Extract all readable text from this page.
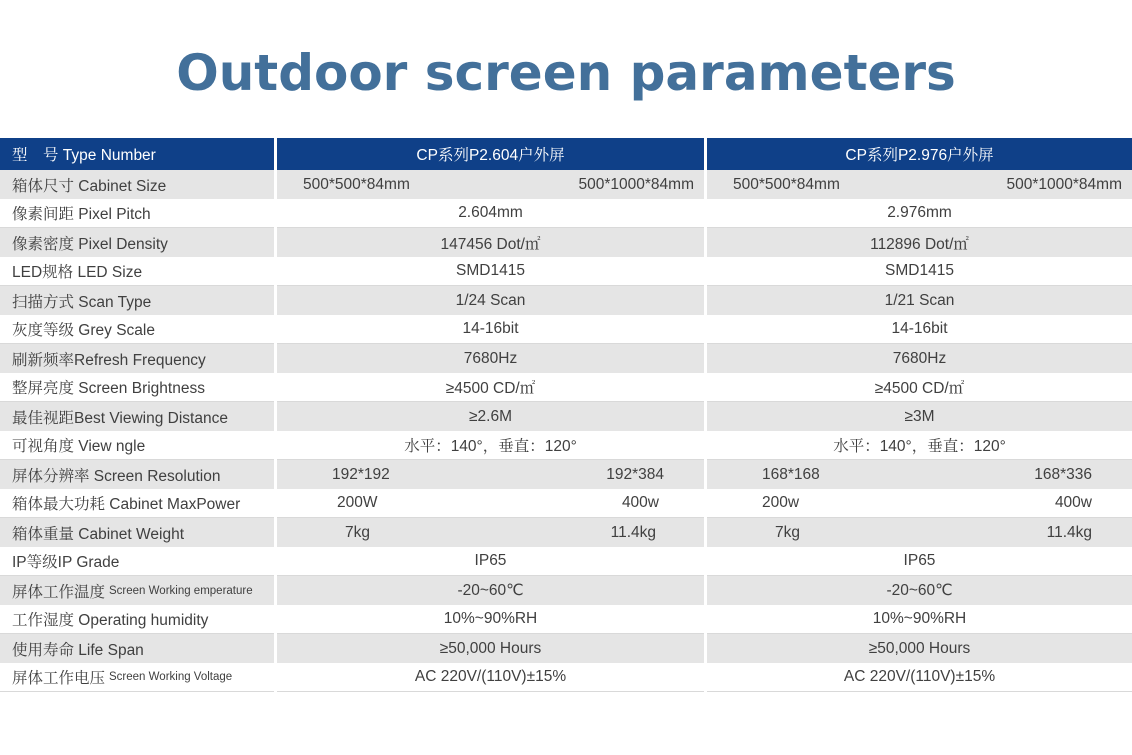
Outdoor screen parameters
型　号 Type Number	CP系列P2.604户外屏	CP系列P2.976户外屏
箱体尺寸 Cabinet Size	500*500*84mm	500*1000*84mm	500*500*84mm	500*1000*84mm
像素间距 Pixel Pitch	2.604mm	2.976mm
像素密度 Pixel Density	147456 Dot/㎡	112896 Dot/㎡
LED规格 LED Size	SMD1415	SMD1415
扫描方式 Scan Type	1/24 Scan	1/21 Scan
灰度等级 Grey Scale	14-16bit	14-16bit
刷新频率Refresh Frequency	7680Hz	7680Hz
整屏亮度 Screen Brightness	≥4500 CD/㎡	≥4500 CD/㎡
最佳视距Best Viewing Distance	≥2.6M	≥3M
可视角度 View ngle	水平：140°，垂直：120°	水平：140°，垂直：120°
屏体分辨率 Screen Resolution	192*192	192*384	168*168	168*336
箱体最大功耗 Cabinet MaxPower	200W	400w	200w	400w
箱体重量 Cabinet Weight	7kg	11.4kg	7kg	11.4kg
IP等级IP Grade	IP65	IP65
屏体工作温度 Screen Working emperature	-20~60℃	-20~60℃
工作湿度 Operating humidity	10%~90%RH	10%~90%RH
使用寿命 Life Span	≥50,000 Hours	≥50,000 Hours
屏体工作电压 Screen Working Voltage	AC 220V/(110V)±15%	AC 220V/(110V)±15%
